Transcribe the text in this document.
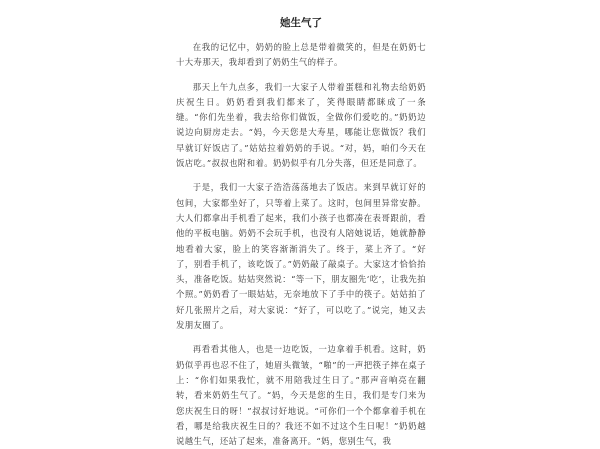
她生气了

在我的记忆中，奶奶的脸上总是带着微笑的，但是在奶奶七十大寿那天，我却看到了奶奶生气的样子。

那天上午九点多，我们一大家子人带着蛋糕和礼物去给奶奶庆祝生日。奶奶看到我们都来了，笑得眼睛都眯成了一条缝。“你们先坐着，我去给你们做饭，全做你们爱吃的。”奶奶边说边向厨房走去。“妈，今天您是大寿星，哪能让您做饭？我们早就订好饭店了。”姑姑拉着奶奶的手说。“对，妈，咱们今天在饭店吃。”叔叔也附和着。奶奶似乎有几分失落，但还是同意了。

于是，我们一大家子浩浩荡荡地去了饭店。来到早就订好的包间，大家都坐好了，只等着上菜了。这时，包间里异常安静。大人们都拿出手机看了起来，我们小孩子也都凑在表哥跟前，看他的平板电脑。奶奶不会玩手机，也没有人陪她说话，她就静静地看着大家，脸上的笑容渐渐消失了。终于，菜上齐了。“好了，别看手机了，该吃饭了。”奶奶敲了敲桌子。大家这才恰恰抬头，准备吃饭。姑姑突然说：“等一下，朋友圈先‘吃’，让我先拍个照。”奶奶看了一眼姑姑，无奈地放下了手中的筷子。姑姑拍了好几张照片之后，对大家说：“好了，可以吃了。”说完，她又去发朋友圈了。

再看看其他人，也是一边吃饭，一边拿着手机看。这时，奶奶似乎再也忍不住了，她眉头微皱，“啪”的一声把筷子摔在桌子上：“你们如果我忙，就不用陪我过生日了。”那声音响亮在翻转，看来奶奶生气了。“妈，今天是您的生日，我们是专门来为您庆祝生日的呀！”叔叔讨好地说。“可你们一个个都拿着手机在看，哪是给我庆祝生日的？我还不如不过这个生日呢！”奶奶越说越生气，还站了起来，准备离开。“妈，您别生气，我
